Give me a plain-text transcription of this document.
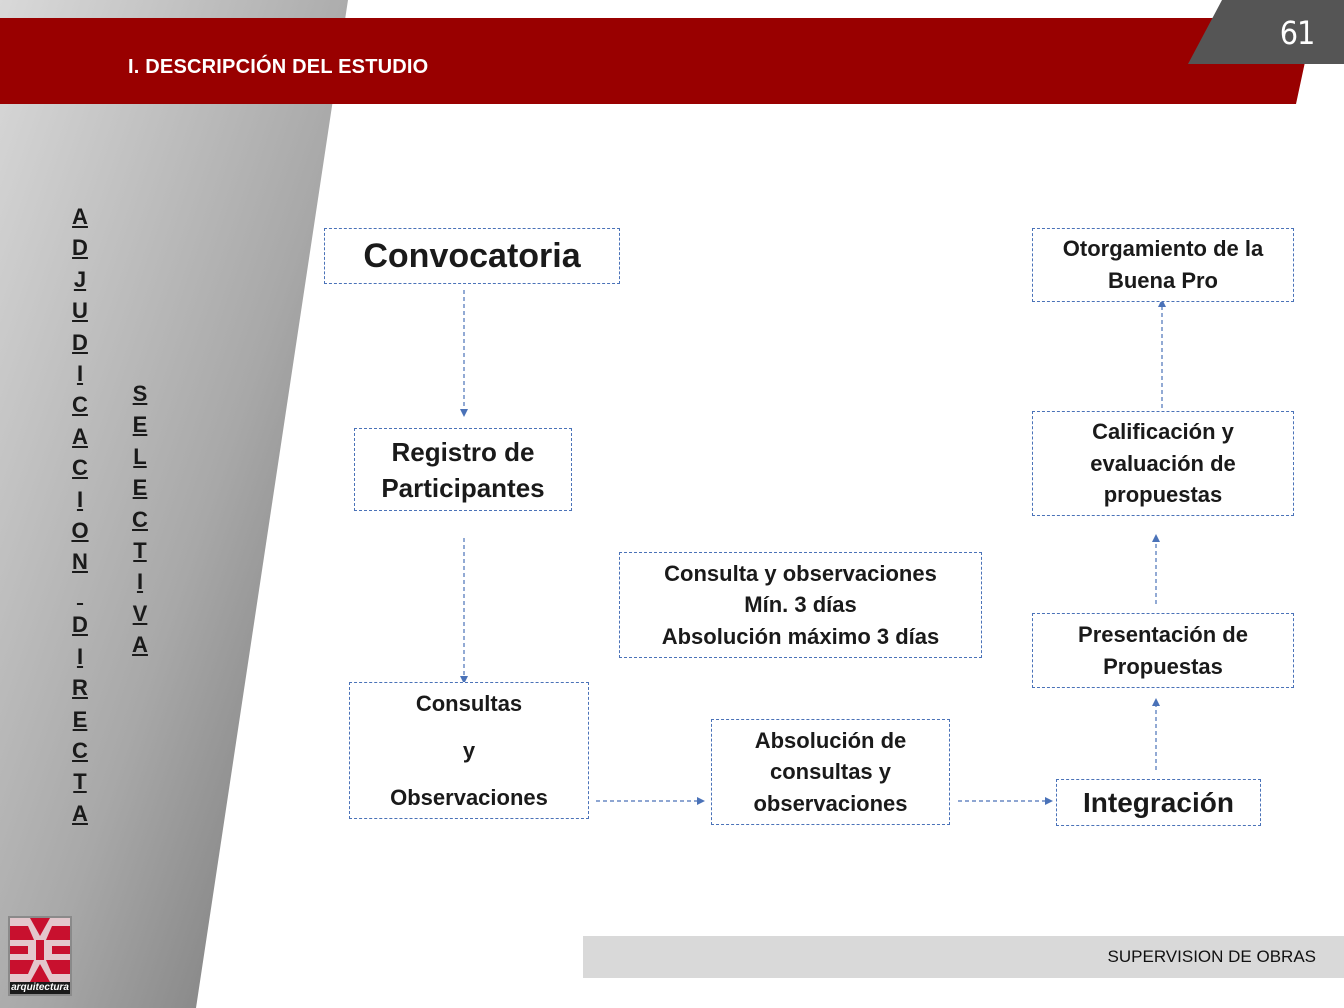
I. DESCRIPCIÓN DEL ESTUDIO
61
A
D
J
U
D
I
C
A
C
I
O
N

D
I
R
E
C
T
A
S
E
L
E
C
T
I
V
A
Convocatoria
Registro de
Participantes
Consultas
y
Observaciones
Consulta y observaciones
Mín. 3 días
Absolución máximo 3 días
Absolución de
consultas y
observaciones	Integración
Presentación de
Propuestas
Calificación y
evaluación de
propuestas
Otorgamiento de la
Buena Pro
SUPERVISION DE OBRAS
arquitectura
